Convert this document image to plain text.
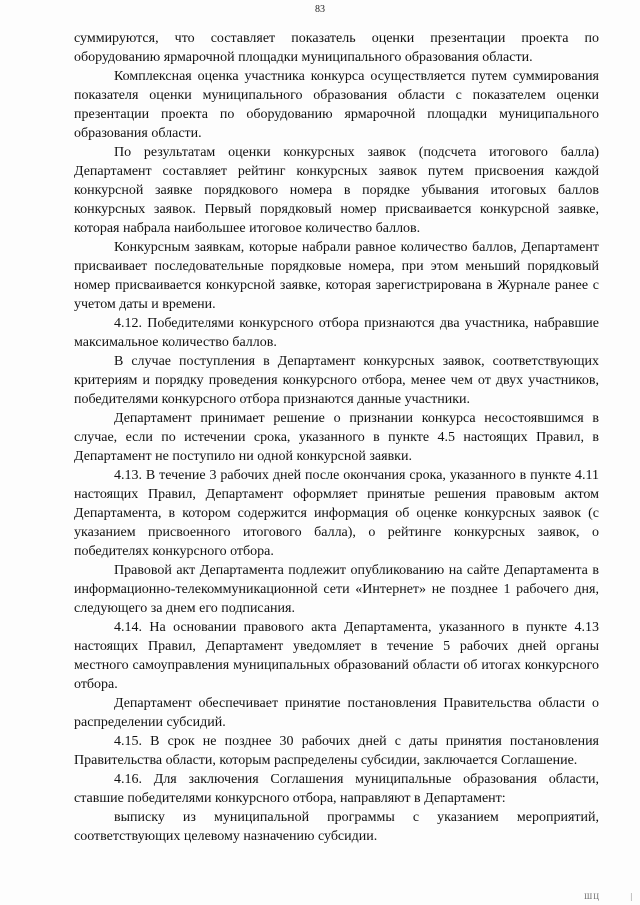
83

суммируются, что составляет показатель оценки презентации проекта по оборудованию ярмарочной площадки муниципального образования области.

Комплексная оценка участника конкурса осуществляется путем суммирования показателя оценки муниципального образования области с показателем оценки презентации проекта по оборудованию ярмарочной площадки муниципального образования области.

По результатам оценки конкурсных заявок (подсчета итогового балла) Департамент составляет рейтинг конкурсных заявок путем присвоения каждой конкурсной заявке порядкового номера в порядке убывания итоговых баллов конкурсных заявок. Первый порядковый номер присваивается конкурсной заявке, которая набрала наибольшее итоговое количество баллов.

Конкурсным заявкам, которые набрали равное количество баллов, Департамент присваивает последовательные порядковые номера, при этом меньший порядковый номер присваивается конкурсной заявке, которая зарегистрирована в Журнале ранее с учетом даты и времени.

4.12. Победителями конкурсного отбора признаются два участника, набравшие максимальное количество баллов.

В случае поступления в Департамент конкурсных заявок, соответствующих критериям и порядку проведения конкурсного отбора, менее чем от двух участников, победителями конкурсного отбора признаются данные участники.

Департамент принимает решение о признании конкурса несостоявшимся в случае, если по истечении срока, указанного в пункте 4.5 настоящих Правил, в Департамент не поступило ни одной конкурсной заявки.

4.13. В течение 3 рабочих дней после окончания срока, указанного в пункте 4.11 настоящих Правил, Департамент оформляет принятые решения правовым актом Департамента, в котором содержится информация об оценке конкурсных заявок (с указанием присвоенного итогового балла), о рейтинге конкурсных заявок, о победителях конкурсного отбора.

Правовой акт Департамента подлежит опубликованию на сайте Департамента в информационно-телекоммуникационной сети «Интернет» не позднее 1 рабочего дня, следующего за днем его подписания.

4.14. На основании правового акта Департамента, указанного в пункте 4.13 настоящих Правил, Департамент уведомляет в течение 5 рабочих дней органы местного самоуправления муниципальных образований области об итогах конкурсного отбора.

Департамент обеспечивает принятие постановления Правительства области о распределении субсидий.

4.15. В срок не позднее 30 рабочих дней с даты принятия постановления Правительства области, которым распределены субсидии, заключается Соглашение.

4.16. Для заключения Соглашения муниципальные образования области, ставшие победителями конкурсного отбора, направляют в Департамент:

выписку из муниципальной программы с указанием мероприятий, соответствующих целевому назначению субсидии.

ШЦ	|
